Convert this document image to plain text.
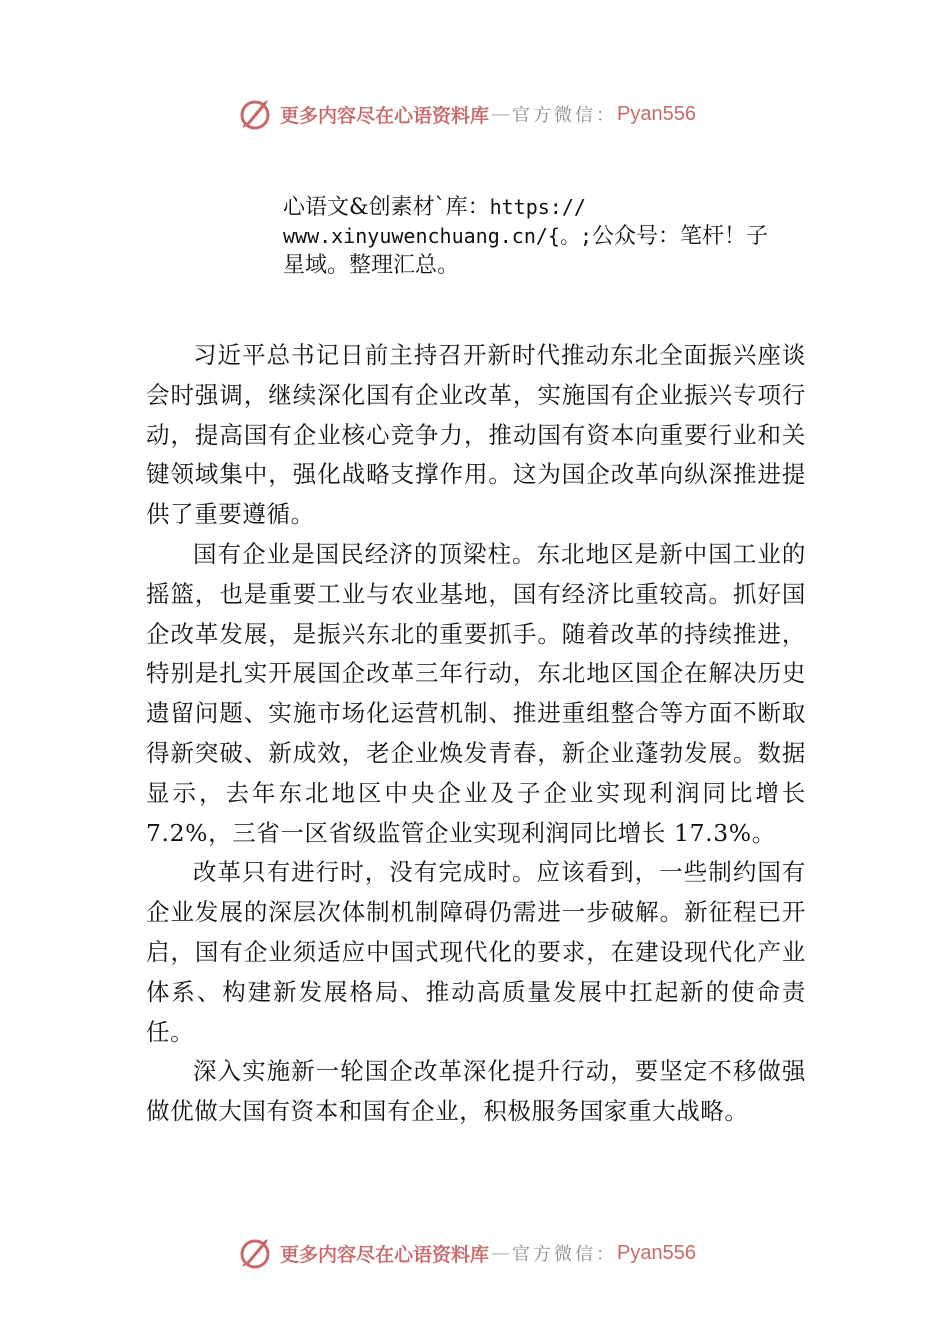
更多内容尽在心语资料库 — 官方微信： Pyan556
心语文&创素材`库：https://
www.xinyuwenchuang.cn/{。;公众号：笔杆！子
星域。整理汇总。

习近平总书记日前主持召开新时代推动东北全面振兴座谈会时强调，继续深化国有企业改革，实施国有企业振兴专项行动，提高国有企业核心竞争力，推动国有资本向重要行业和关键领域集中，强化战略支撑作用。这为国企改革向纵深推进提供了重要遵循。

国有企业是国民经济的顶梁柱。东北地区是新中国工业的摇篮，也是重要工业与农业基地，国有经济比重较高。抓好国企改革发展，是振兴东北的重要抓手。随着改革的持续推进，特别是扎实开展国企改革三年行动，东北地区国企在解决历史遗留问题、实施市场化运营机制、推进重组整合等方面不断取得新突破、新成效，老企业焕发青春，新企业蓬勃发展。数据显示，去年东北地区中央企业及子企业实现利润同比增长 7.2%，三省一区省级监管企业实现利润同比增长 17.3%。

改革只有进行时，没有完成时。应该看到，一些制约国有企业发展的深层次体制机制障碍仍需进一步破解。新征程已开启，国有企业须适应中国式现代化的要求，在建设现代化产业体系、构建新发展格局、推动高质量发展中扛起新的使命责任。

深入实施新一轮国企改革深化提升行动，要坚定不移做强做优做大国有资本和国有企业，积极服务国家重大战略。

更多内容尽在心语资料库 — 官方微信： Pyan556
